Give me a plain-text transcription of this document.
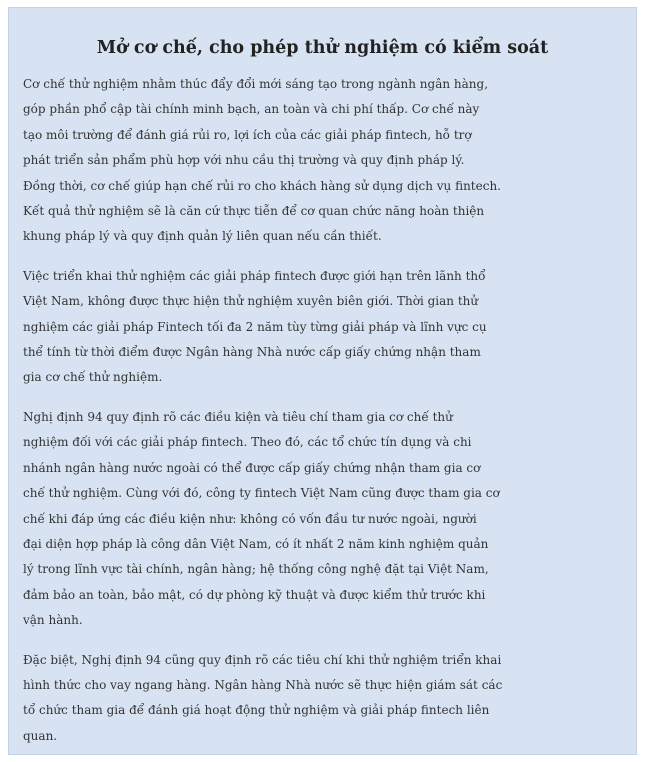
Mở cơ chế, cho phép thử nghiệm có kiểm soát

Cơ chế thử nghiệm nhằm thúc đẩy đổi mới sáng tạo trong ngành ngân hàng,
góp phần phổ cập tài chính minh bạch, an toàn và chi phí thấp. Cơ chế này
tạo môi trường để đánh giá rủi ro, lợi ích của các giải pháp fintech, hỗ trợ
phát triển sản phẩm phù hợp với nhu cầu thị trường và quy định pháp lý.
Đồng thời, cơ chế giúp hạn chế rủi ro cho khách hàng sử dụng dịch vụ fintech.
Kết quả thử nghiệm sẽ là căn cứ thực tiễn để cơ quan chức năng hoàn thiện
khung pháp lý và quy định quản lý liên quan nếu cần thiết.

Việc triển khai thử nghiệm các giải pháp fintech được giới hạn trên lãnh thổ
Việt Nam, không được thực hiện thử nghiệm xuyên biên giới. Thời gian thử
nghiệm các giải pháp Fintech tối đa 2 năm tùy từng giải pháp và lĩnh vực cụ
thể tính từ thời điểm được Ngân hàng Nhà nước cấp giấy chứng nhận tham
gia cơ chế thử nghiệm.

Nghị định 94 quy định rõ các điều kiện và tiêu chí tham gia cơ chế thử
nghiệm đối với các giải pháp fintech. Theo đó, các tổ chức tín dụng và chi
nhánh ngân hàng nước ngoài có thể được cấp giấy chứng nhận tham gia cơ
chế thử nghiệm. Cùng với đó, công ty fintech Việt Nam cũng được tham gia cơ
chế khi đáp ứng các điều kiện như: không có vốn đầu tư nước ngoài, người
đại diện hợp pháp là công dân Việt Nam, có ít nhất 2 năm kinh nghiệm quản
lý trong lĩnh vực tài chính, ngân hàng; hệ thống công nghệ đặt tại Việt Nam,
đảm bảo an toàn, bảo mật, có dự phòng kỹ thuật và được kiểm thử trước khi
vận hành.

Đặc biệt, Nghị định 94 cũng quy định rõ các tiêu chí khi thử nghiệm triển khai
hình thức cho vay ngang hàng. Ngân hàng Nhà nước sẽ thực hiện giám sát các
tổ chức tham gia để đánh giá hoạt động thử nghiệm và giải pháp fintech liên
quan.
